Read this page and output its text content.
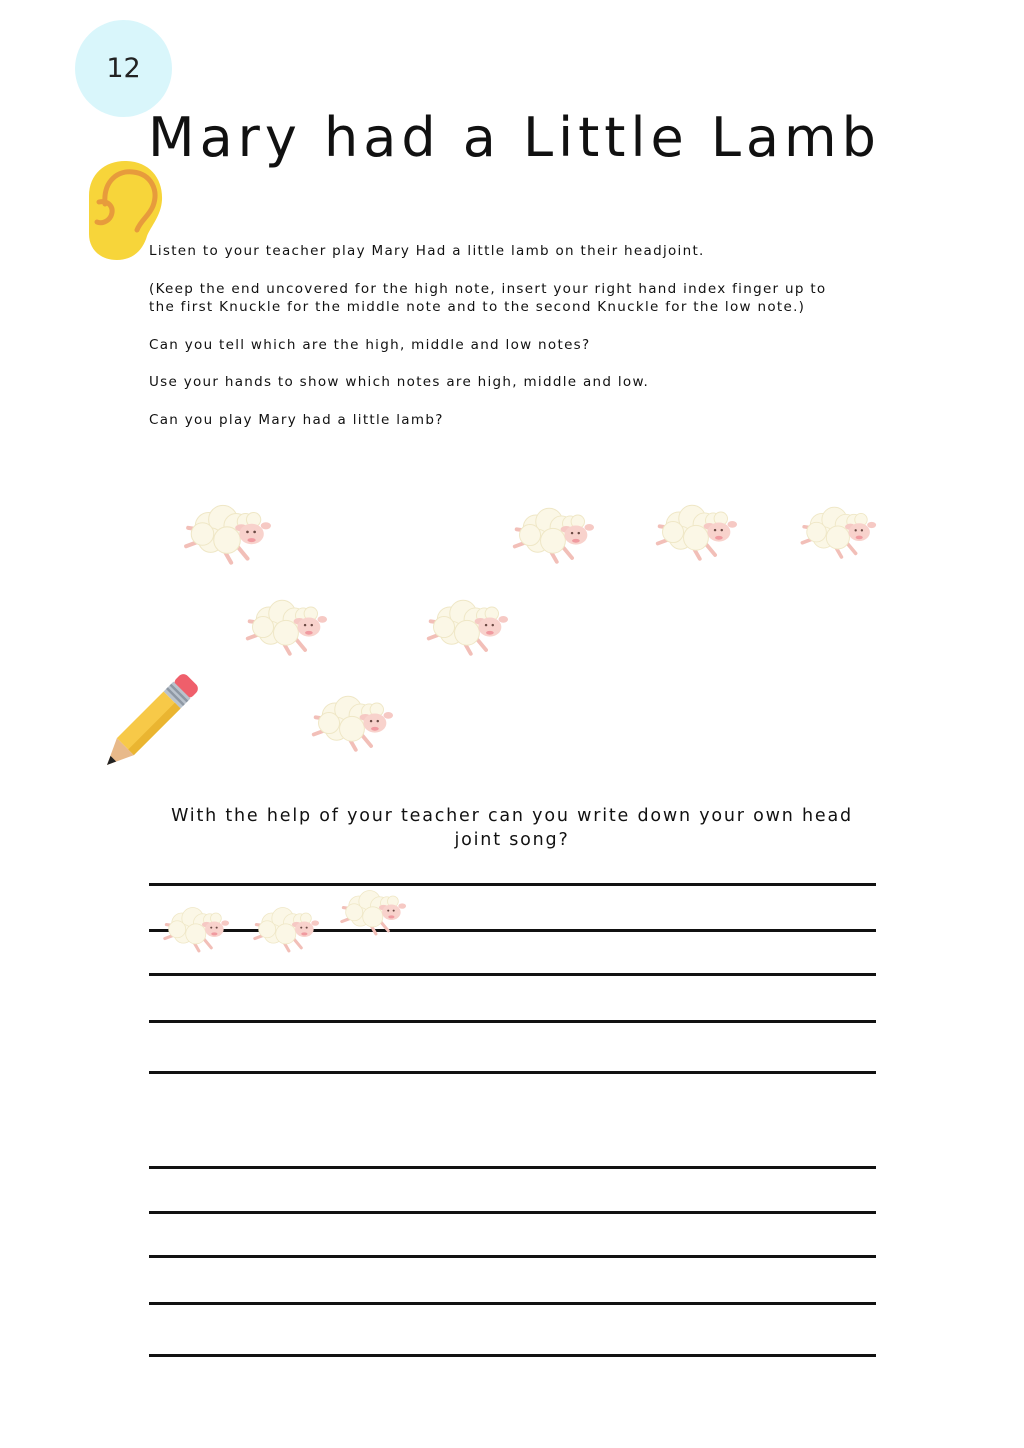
12
Mary had a Little Lamb

Listen to your teacher play Mary Had a little lamb on their headjoint.

(Keep the end uncovered for the high note, insert your right hand index finger up to the first Knuckle for the middle note and to the second Knuckle for the low note.)

Can you tell which are the high, middle and low notes?

Use your hands to show which notes are high, middle and low.

Can you play Mary had a little lamb?

With the help of your teacher can you write down your own head joint song?
